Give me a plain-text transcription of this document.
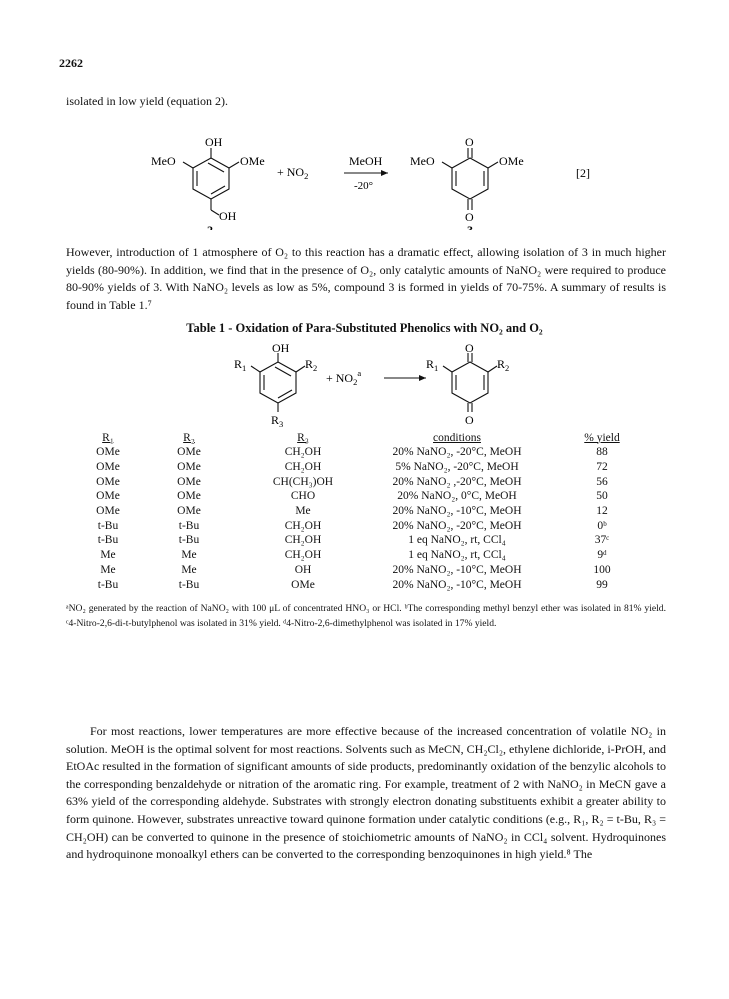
2262

isolated in low yield (equation 2).

OH
MeO	OMe
OH
2
+ $NO_2$
MeOH
-20°
O
MeO	OMe
O
3
[2]

However, introduction of 1 atmosphere of O₂ to this reaction has a dramatic effect, allowing isolation of 3 in much higher yields (80-90%). In addition, we find that in the presence of O₂, only catalytic amounts of NaNO₂ were required to produce 80-90% yields of 3. With NaNO₂ levels as low as 5%, compound 3 is formed in yields of 70-75%. A summary of results is found in Table 1.⁷

Table 1 - Oxidation of Para-Substituted Phenolics with NO₂ and O₂
OH
$R_1$	$R_2$
$R_3$
+ $NO_2^a$
O
$R_1$	$R_2$
O
R₁	R₂	R₃	conditions	% yield
OMe	OMe	CH₂OH	20% NaNO₂, -20°C, MeOH	88
OMe	OMe	CH₂OH	5% NaNO₂, -20°C, MeOH	72
OMe	OMe	CH(CH₃)OH	20% NaNO₂ ,-20°C, MeOH	56
OMe	OMe	CHO	20% NaNO₂, 0°C, MeOH	50
OMe	OMe	Me	20% NaNO₂, -10°C, MeOH	12
t-Bu	t-Bu	CH₂OH	20% NaNO₂, -20°C, MeOH	0ᵇ
t-Bu	t-Bu	CH₂OH	1 eq NaNO₂, rt, CCl₄	37ᶜ
Me	Me	CH₂OH	1 eq NaNO₂, rt, CCl₄	9ᵈ
Me	Me	OH	20% NaNO₂, -10°C, MeOH	100
t-Bu	t-Bu	OMe	20% NaNO₂, -10°C, MeOH	99

ᵃNO₂ generated by the reaction of NaNO₂ with 100 μL of concentrated HNO₃ or HCl. ᵇThe corresponding methyl benzyl ether was isolated in 81% yield. ᶜ4-Nitro-2,6-di-t-butylphenol was isolated in 31% yield. ᵈ4-Nitro-2,6-dimethylphenol was isolated in 17% yield.

For most reactions, lower temperatures are more effective because of the increased concentration of volatile NO₂ in solution. MeOH is the optimal solvent for most reactions. Solvents such as MeCN, CH₂Cl₂, ethylene dichloride, i-PrOH, and EtOAc resulted in the formation of significant amounts of side products, predominantly oxidation of the benzylic alcohols to the corresponding benzaldehyde or nitration of the aromatic ring. For example, treatment of 2 with NaNO₂ in MeCN gave a 63% yield of the corresponding aldehyde. Substrates with strongly electron donating substituents exhibit a greater ability to form quinone. However, substrates unreactive toward quinone formation under catalytic conditions (e.g., R₁, R₂ = t-Bu, R₃ = CH₂OH) can be converted to quinone in the presence of stoichiometric amounts of NaNO₂ in CCl₄ solvent. Hydroquinones and hydroquinone monoalkyl ethers can be converted to the corresponding benzoquinones in high yield.⁸ The
